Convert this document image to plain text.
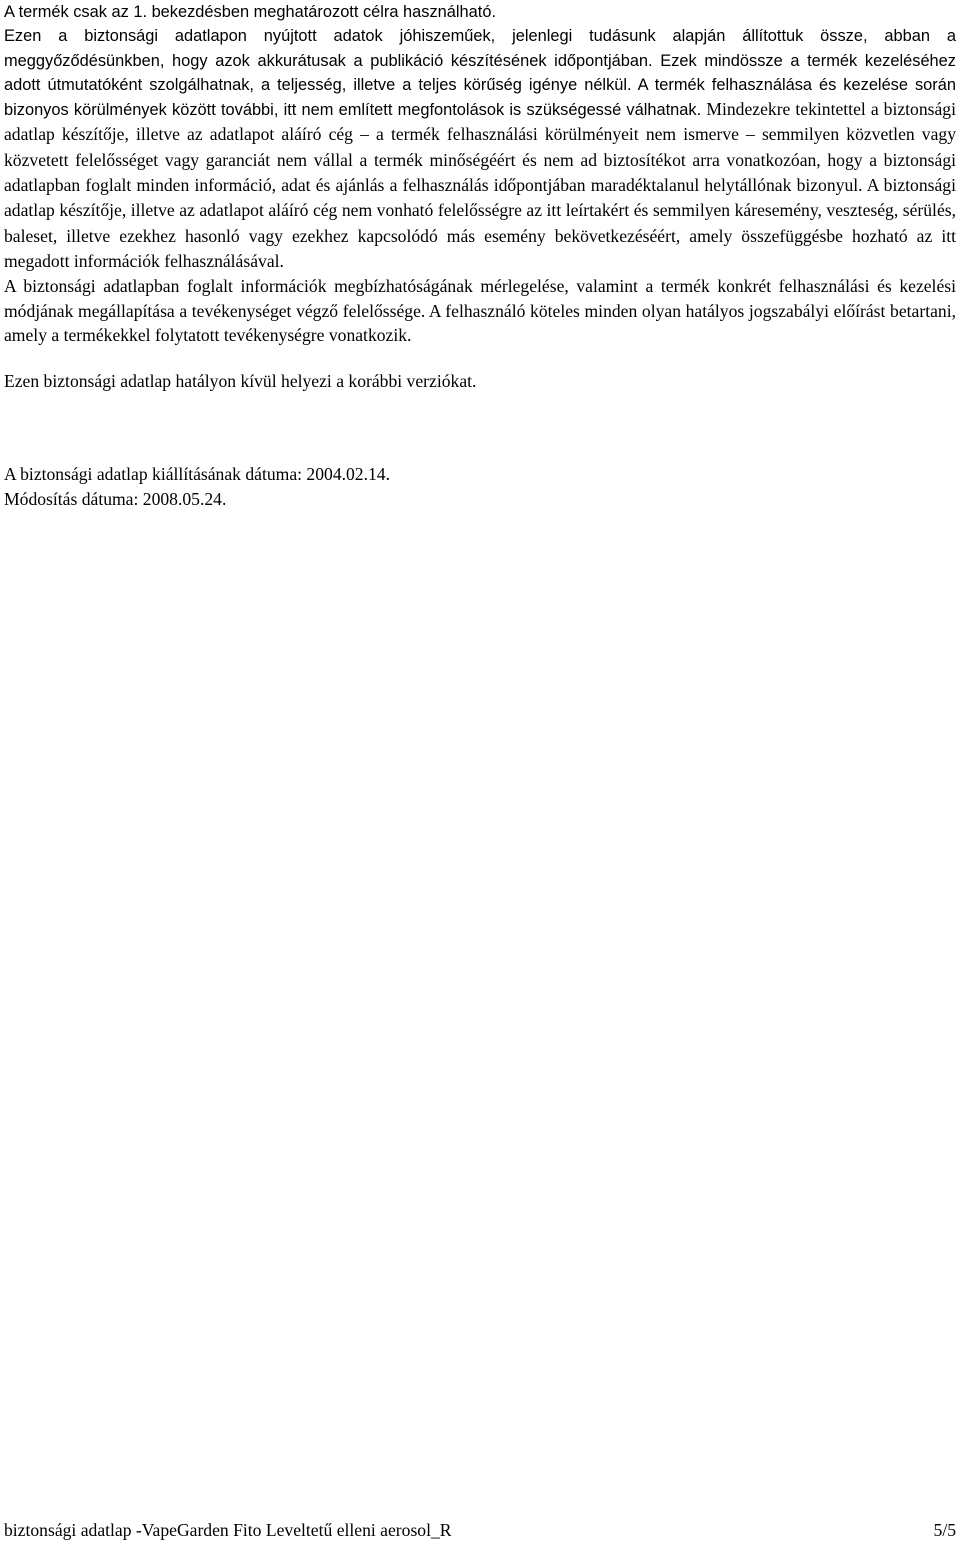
A termék csak az 1. bekezdésben meghatározott célra használható.

Ezen a biztonsági adatlapon nyújtott adatok jóhiszeműek, jelenlegi tudásunk alapján állítottuk össze, abban a meggyőződésünkben, hogy azok akkurátusak a publikáció készítésének időpontjában. Ezek mindössze a termék kezeléséhez adott útmutatóként szolgálhatnak, a teljesség, illetve a teljes körűség igénye nélkül. A termék felhasználása és kezelése során bizonyos körülmények között további, itt nem említett megfontolások is szükségessé válhatnak. Mindezekre tekintettel a biztonsági adatlap készítője, illetve az adatlapot aláíró cég – a termék felhasználási körülményeit nem ismerve – semmilyen közvetlen vagy közvetett felelősséget vagy garanciát nem vállal a termék minőségéért és nem ad biztosítékot arra vonatkozóan, hogy a biztonsági adatlapban foglalt minden információ, adat és ajánlás a felhasználás időpontjában maradéktalanul helytállónak bizonyul. A biztonsági adatlap készítője, illetve az adatlapot aláíró cég nem vonható felelősségre az itt leírtakért és semmilyen káresemény, veszteség, sérülés, baleset, illetve ezekhez hasonló vagy ezekhez kapcsolódó más esemény bekövetkezéséért, amely összefüggésbe hozható az itt megadott információk felhasználásával.

A biztonsági adatlapban foglalt információk megbízhatóságának mérlegelése, valamint a termék konkrét felhasználási és kezelési módjának megállapítása a tevékenységet végző felelőssége. A felhasználó köteles minden olyan hatályos jogszabályi előírást betartani, amely a termékekkel folytatott tevékenységre vonatkozik.

Ezen biztonsági adatlap hatályon kívül helyezi a korábbi verziókat.

A biztonsági adatlap kiállításának dátuma: 2004.02.14.

Módosítás dátuma: 2008.05.24.

biztonsági adatlap -VapeGarden Fito Leveltetű elleni aerosol_R	5/5
